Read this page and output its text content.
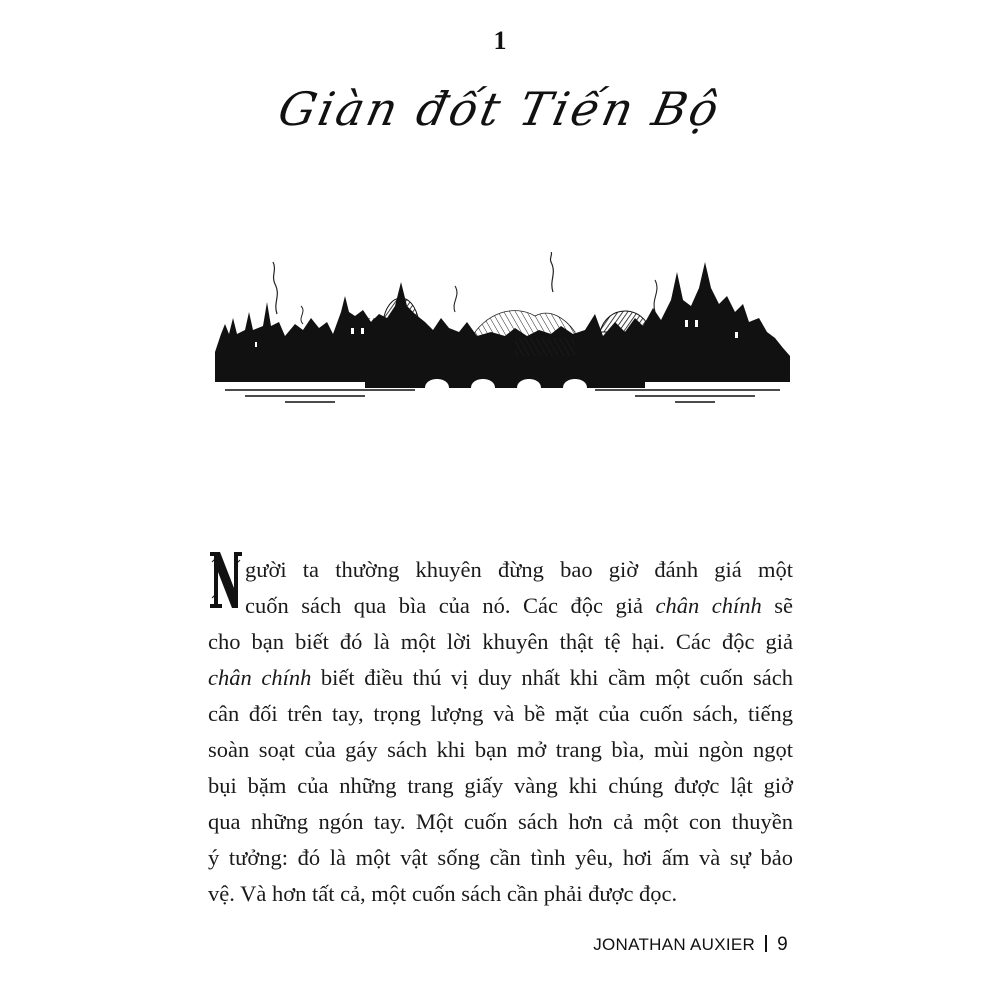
1
Giàn đốt Tiến Bộ
gười ta thường khuyên đừng bao giờ đánh giá một
cuốn sách qua bìa của nó. Các độc giả chân chính sẽ
cho bạn biết đó là một lời khuyên thật tệ hại. Các độc giả
chân chính biết điều thú vị duy nhất khi cầm một cuốn sách
cân đối trên tay, trọng lượng và bề mặt của cuốn sách, tiếng
soàn soạt của gáy sách khi bạn mở trang bìa, mùi ngòn ngọt
bụi bặm của những trang giấy vàng khi chúng được lật giở
qua những ngón tay. Một cuốn sách hơn cả một con thuyền
ý tưởng: đó là một vật sống cần tình yêu, hơi ấm và sự bảo
vệ. Và hơn tất cả, một cuốn sách cần phải được đọc.
JONATHAN AUXIER 9
